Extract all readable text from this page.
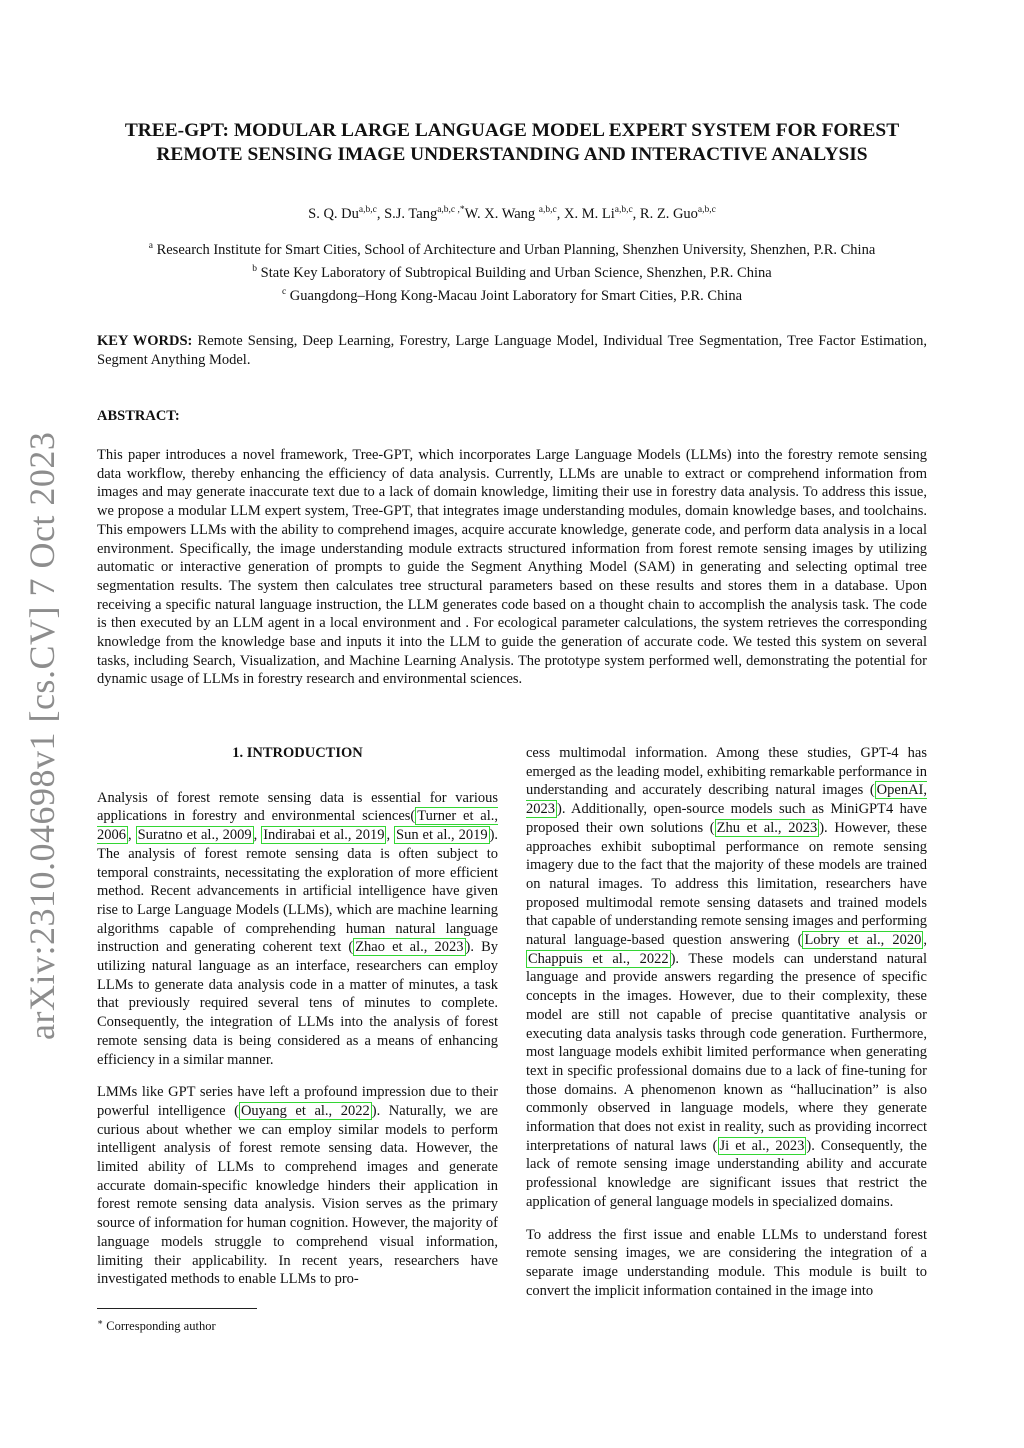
arXiv:2310.04698v1 [cs.CV] 7 Oct 2023
TREE-GPT: MODULAR LARGE LANGUAGE MODEL EXPERT SYSTEM FOR FOREST
REMOTE SENSING IMAGE UNDERSTANDING AND INTERACTIVE ANALYSIS
S. Q. Du$^{a,b,c}$, S.J. Tang$^{a,b,c ,*}$W. X. Wang $^{a,b,c}$, X. M. Li$^{a,b,c}$, R. Z. Guo$^{a,b,c}$
$^a$ Research Institute for Smart Cities, School of Architecture and Urban Planning, Shenzhen University, Shenzhen, P.R. China
$^b$ State Key Laboratory of Subtropical Building and Urban Science, Shenzhen, P.R. China
$^c$ Guangdong–Hong Kong-Macau Joint Laboratory for Smart Cities, P.R. China
KEY WORDS: Remote Sensing, Deep Learning, Forestry, Large Language Model, Individual Tree Segmentation, Tree Factor Estimation, Segment Anything Model.
ABSTRACT:

This paper introduces a novel framework, Tree-GPT, which incorporates Large Language Models (LLMs) into the forestry remote sensing data workflow, thereby enhancing the efficiency of data analysis. Currently, LLMs are unable to extract or comprehend information from images and may generate inaccurate text due to a lack of domain knowledge, limiting their use in forestry data analysis. To address this issue, we propose a modular LLM expert system, Tree-GPT, that integrates image understanding modules, domain knowledge bases, and toolchains. This empowers LLMs with the ability to comprehend images, acquire accurate knowledge, generate code, and perform data analysis in a local environment. Specifically, the image understanding module extracts structured information from forest remote sensing images by utilizing automatic or interactive generation of prompts to guide the Segment Anything Model (SAM) in generating and selecting optimal tree segmentation results. The system then calculates tree structural parameters based on these results and stores them in a database. Upon receiving a specific natural language instruction, the LLM generates code based on a thought chain to accomplish the analysis task. The code is then executed by an LLM agent in a local environment and . For ecological parameter calculations, the system retrieves the corresponding knowledge from the knowledge base and inputs it into the LLM to guide the generation of accurate code. We tested this system on several tasks, including Search, Visualization, and Machine Learning Analysis. The prototype system performed well, demonstrating the potential for dynamic usage of LLMs in forestry research and environmental sciences.

1. INTRODUCTION

Analysis of forest remote sensing data is essential for various applications in forestry and environmental sciences( Turner et al., 2006 , Suratno et al., 2009 , Indirabai et al., 2019 , Sun et al., 2019 ). The analysis of forest remote sensing data is often subject to temporal constraints, necessitating the exploration of more efficient method. Recent advancements in artificial intelligence have given rise to Large Language Models (LLMs), which are machine learning algorithms capable of comprehending human natural language instruction and generating coherent text ( Zhao et al., 2023 ). By utilizing natural language as an interface, researchers can employ LLMs to generate data analysis code in a matter of minutes, a task that previously required several tens of minutes to complete. Consequently, the integration of LLMs into the analysis of forest remote sensing data is being considered as a means of enhancing efficiency in a similar manner.

LMMs like GPT series have left a profound impression due to their powerful intelligence ( Ouyang et al., 2022 ). Naturally, we are curious about whether we can employ similar models to perform intelligent analysis of forest remote sensing data. However, the limited ability of LLMs to comprehend images and generate accurate domain-specific knowledge hinders their application in forest remote sensing data analysis. Vision serves as the primary source of information for human cognition. However, the majority of language models struggle to comprehend visual information, limiting their applicability. In recent years, researchers have investigated methods to enable LLMs to pro-

cess multimodal information. Among these studies, GPT-4 has emerged as the leading model, exhibiting remarkable performance in understanding and accurately describing natural images ( OpenAI, 2023 ). Additionally, open-source models such as MiniGPT4 have proposed their own solutions ( Zhu et al., 2023 ). However, these approaches exhibit suboptimal performance on remote sensing imagery due to the fact that the majority of these models are trained on natural images. To address this limitation, researchers have proposed multimodal remote sensing datasets and trained models that capable of understanding remote sensing images and performing natural language-based question answering ( Lobry et al., 2020 , Chappuis et al., 2022 ). These models can understand natural language and provide answers regarding the presence of specific concepts in the images. However, due to their complexity, these model are still not capable of precise quantitative analysis or executing data analysis tasks through code generation. Furthermore, most language models exhibit limited performance when generating text in specific professional domains due to a lack of fine-tuning for those domains. A phenomenon known as “hallucination” is also commonly observed in language models, where they generate information that does not exist in reality, such as providing incorrect interpretations of natural laws ( Ji et al., 2023 ). Consequently, the lack of remote sensing image understanding ability and accurate professional knowledge are significant issues that restrict the application of general language models in specialized domains.

To address the first issue and enable LLMs to understand forest remote sensing images, we are considering the integration of a separate image understanding module. This module is built to convert the implicit information contained in the image into

∗ Corresponding author
